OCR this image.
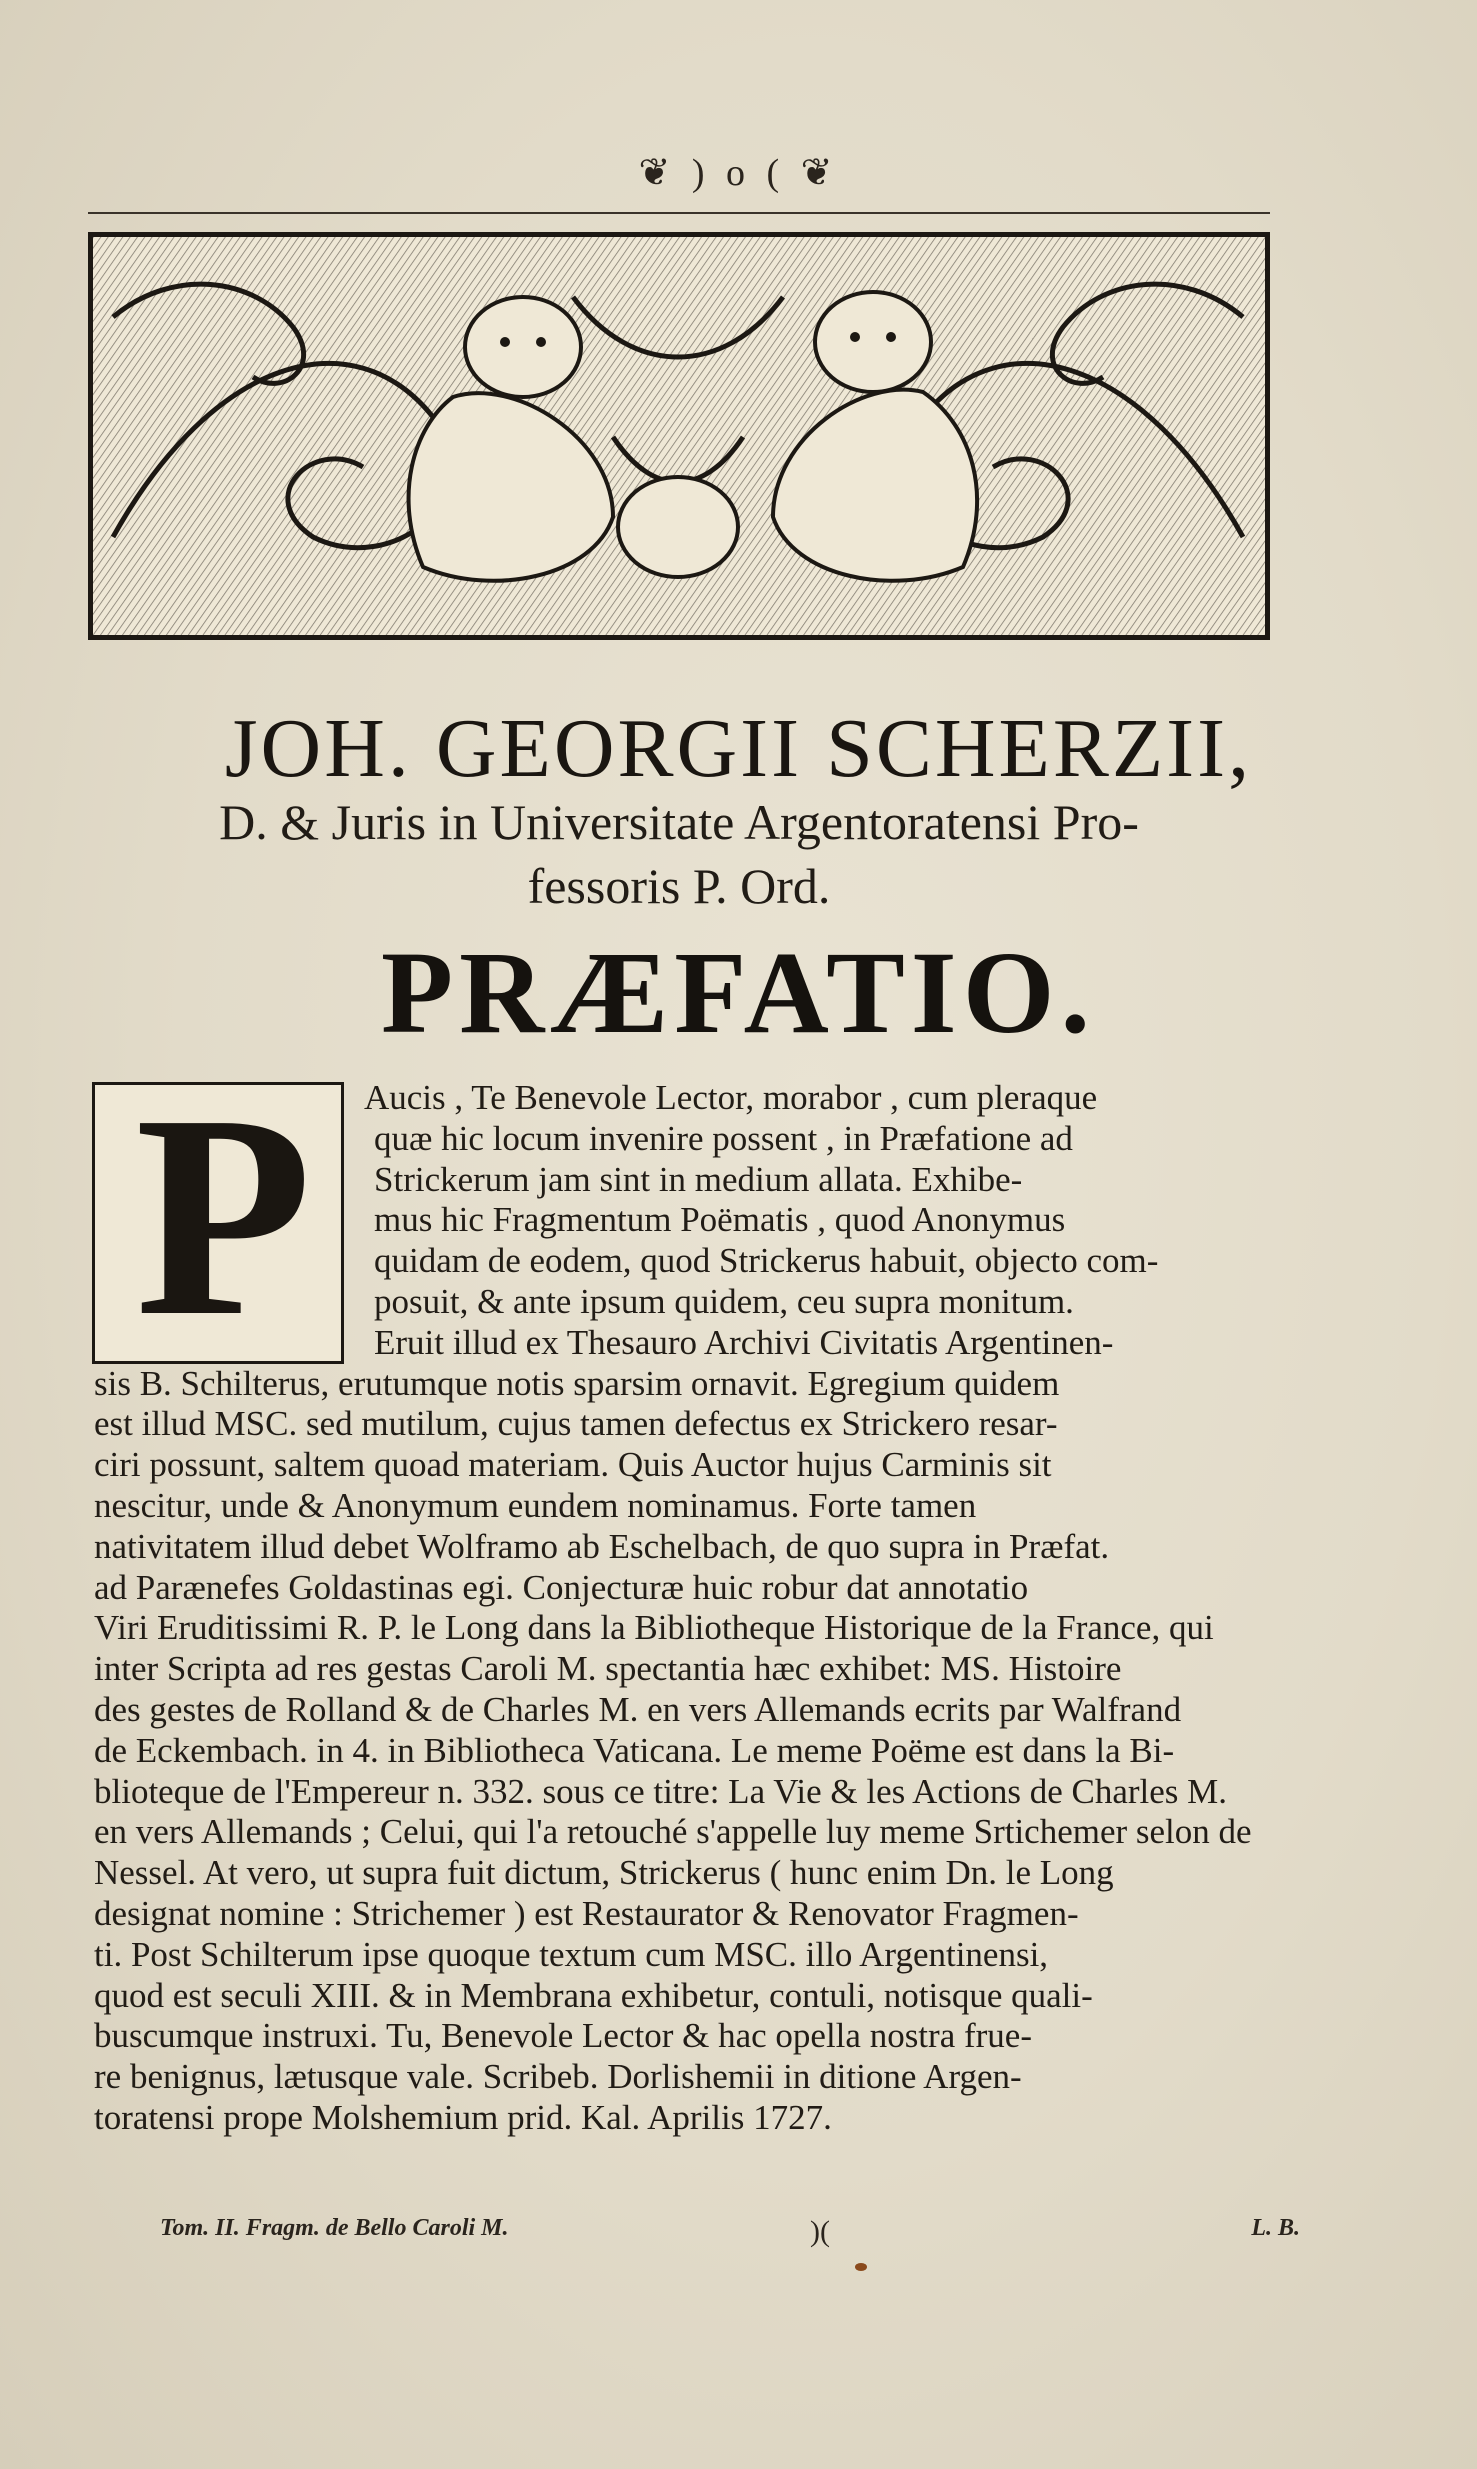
❦ ) o ( ❦
JOH. GEORGII SCHERZII,
D. & Juris in Universitate Argentoratensi Pro-
fessoris P. Ord.
PRÆFATIO.
P	Aucis , Te Benevole Lector, morabor , cum pleraque
quæ hic locum invenire possent , in Præfatione ad
Strickerum jam sint in medium allata. Exhibe-
mus hic Fragmentum Poëmatis , quod Anonymus
quidam de eodem, quod Strickerus habuit, objecto com-
posuit, & ante ipsum quidem, ceu supra monitum.
Eruit illud ex Thesauro Archivi Civitatis Argentinen-
sis B. Schilterus, erutumque notis sparsim ornavit. Egregium quidem
est illud MSC. sed mutilum, cujus tamen defectus ex Strickero resar-
ciri possunt, saltem quoad materiam. Quis Auctor hujus Carminis sit
nescitur, unde & Anonymum eundem nominamus. Forte tamen
nativitatem illud debet Wolframo ab Eschelbach, de quo supra in Præfat.
ad Parænefes Goldastinas egi. Conjecturæ huic robur dat annotatio
Viri Eruditissimi R. P. le Long dans la Bibliotheque Historique de la France, qui
inter Scripta ad res gestas Caroli M. spectantia hæc exhibet: MS. Histoire
des gestes de Rolland & de Charles M. en vers Allemands ecrits par Walfrand
de Eckembach. in 4. in Bibliotheca Vaticana. Le meme Poëme est dans la Bi-
blioteque de l'Empereur n. 332. sous ce titre: La Vie & les Actions de Charles M.
en vers Allemands ; Celui, qui l'a retouché s'appelle luy meme Srtichemer selon de
Nessel. At vero, ut supra fuit dictum, Strickerus ( hunc enim Dn. le Long
designat nomine : Strichemer ) est Restaurator & Renovator Fragmen-
ti. Post Schilterum ipse quoque textum cum MSC. illo Argentinensi,
quod est seculi XIII. & in Membrana exhibetur, contuli, notisque quali-
buscumque instruxi. Tu, Benevole Lector & hac opella nostra frue-
re benignus, lætusque vale. Scribeb. Dorlishemii in ditione Argen-
toratensi prope Molshemium prid. Kal. Aprilis 1727.
Tom. II. Fragm. de Bello Caroli M.	)(	L. B.
